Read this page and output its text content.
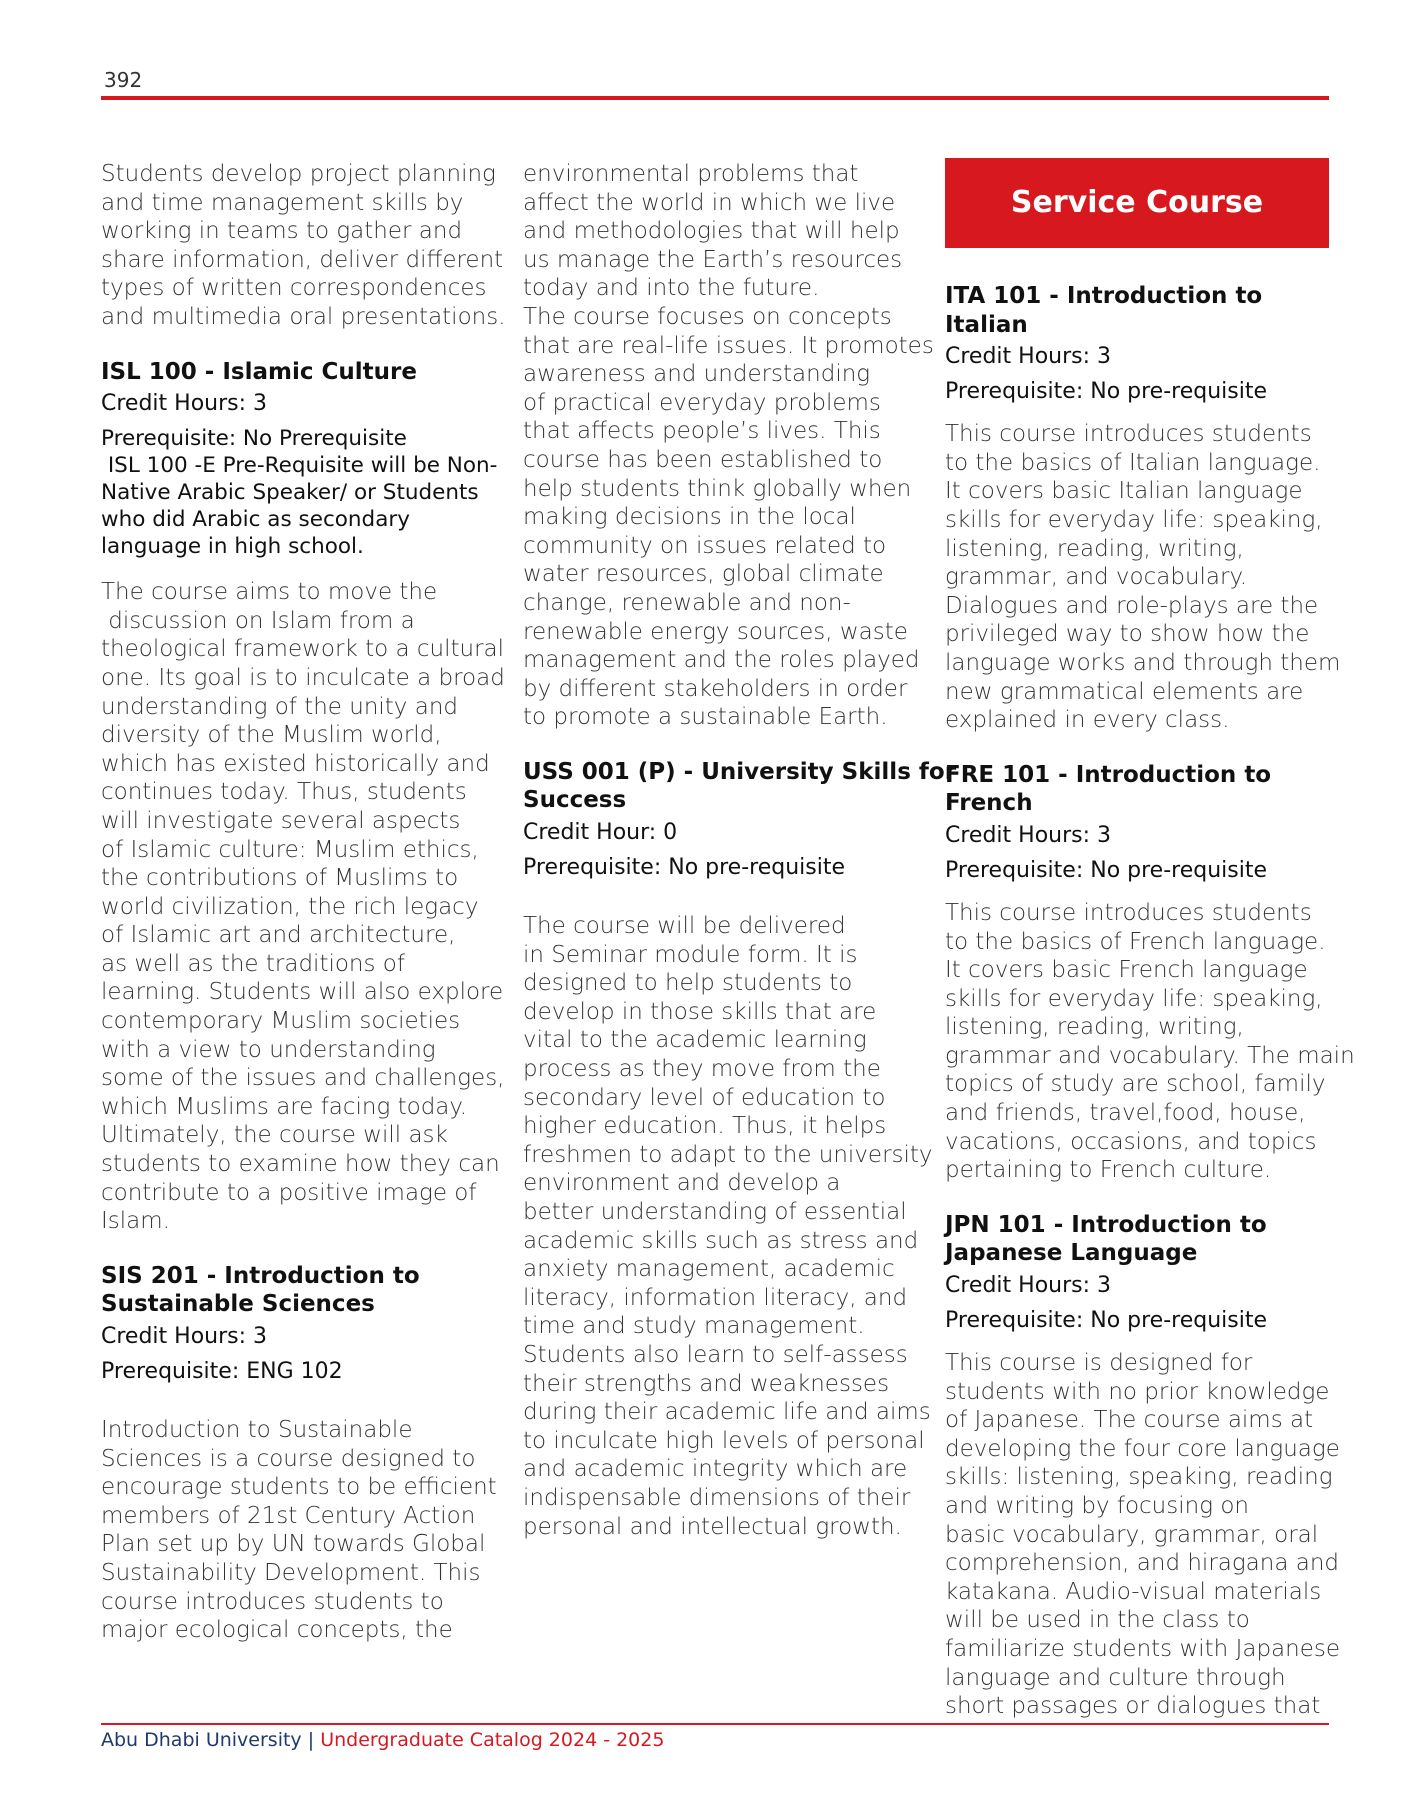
392
Students develop project planning
and time management skills by
working in teams to gather and
share information, deliver different
types of written correspondences
and multimedia oral presentations.
ISL 100 - Islamic Culture
Credit Hours: 3
Prerequisite: No Prerequisite
ISL 100 -E Pre-Requisite will be Non-
Native Arabic Speaker/ or Students
who did Arabic as secondary
language in high school.
The course aims to move the
discussion on Islam from a
theological framework to a cultural
one. Its goal is to inculcate a broad
understanding of the unity and
diversity of the Muslim world,
which has existed historically and
continues today. Thus, students
will investigate several aspects
of Islamic culture: Muslim ethics,
the contributions of Muslims to
world civilization, the rich legacy
of Islamic art and architecture,
as well as the traditions of
learning. Students will also explore
contemporary Muslim societies
with a view to understanding
some of the issues and challenges,
which Muslims are facing today.
Ultimately, the course will ask
students to examine how they can
contribute to a positive image of
Islam.
SIS 201 - Introduction to
Sustainable Sciences
Credit Hours: 3
Prerequisite: ENG 102
Introduction to Sustainable
Sciences is a course designed to
encourage students to be efficient
members of 21st Century Action
Plan set up by UN towards Global
Sustainability Development. This
course introduces students to
major ecological concepts, the
environmental problems that
affect the world in which we live
and methodologies that will help
us manage the Earth’s resources
today and into the future.
The course focuses on concepts
that are real-life issues. It promotes
awareness and understanding
of practical everyday problems
that affects people’s lives. This
course has been established to
help students think globally when
making decisions in the local
community on issues related to
water resources, global climate
change, renewable and non-
renewable energy sources, waste
management and the roles played
by different stakeholders in order
to promote a sustainable Earth.
USS 001 (P) - University Skills for
Success
Credit Hour: 0
Prerequisite: No pre-requisite
The course will be delivered
in Seminar module form. It is
designed to help students to
develop in those skills that are
vital to the academic learning
process as they move from the
secondary level of education to
higher education. Thus, it helps
freshmen to adapt to the university
environment and develop a
better understanding of essential
academic skills such as stress and
anxiety management, academic
literacy, information literacy, and
time and study management.
Students also learn to self-assess
their strengths and weaknesses
during their academic life and aims
to inculcate high levels of personal
and academic integrity which are
indispensable dimensions of their
personal and intellectual growth.
Service Course
ITA 101 - Introduction to Italian
Credit Hours: 3
Prerequisite: No pre-requisite
This course introduces students
to the basics of Italian language.
It covers basic Italian language
skills for everyday life: speaking,
listening, reading, writing,
grammar, and vocabulary.
Dialogues and role-plays are the
privileged way to show how the
language works and through them
new grammatical elements are
explained in every class.
FRE 101 - Introduction to French
Credit Hours: 3
Prerequisite: No pre-requisite
This course introduces students
to the basics of French language.
It covers basic French language
skills for everyday life: speaking,
listening, reading, writing,
grammar and vocabulary. The main
topics of study are school, family
and friends, travel,food, house,
vacations, occasions, and topics
pertaining to French culture.
JPN 101 - Introduction to
Japanese Language
Credit Hours: 3
Prerequisite: No pre-requisite
This course is designed for
students with no prior knowledge
of Japanese. The course aims at
developing the four core language
skills: listening, speaking, reading
and writing by focusing on
basic vocabulary, grammar, oral
comprehension, and hiragana and
katakana. Audio-visual materials
will be used in the class to
familiarize students with Japanese
language and culture through
short passages or dialogues that
Abu Dhabi University | Undergraduate Catalog 2024 - 2025
